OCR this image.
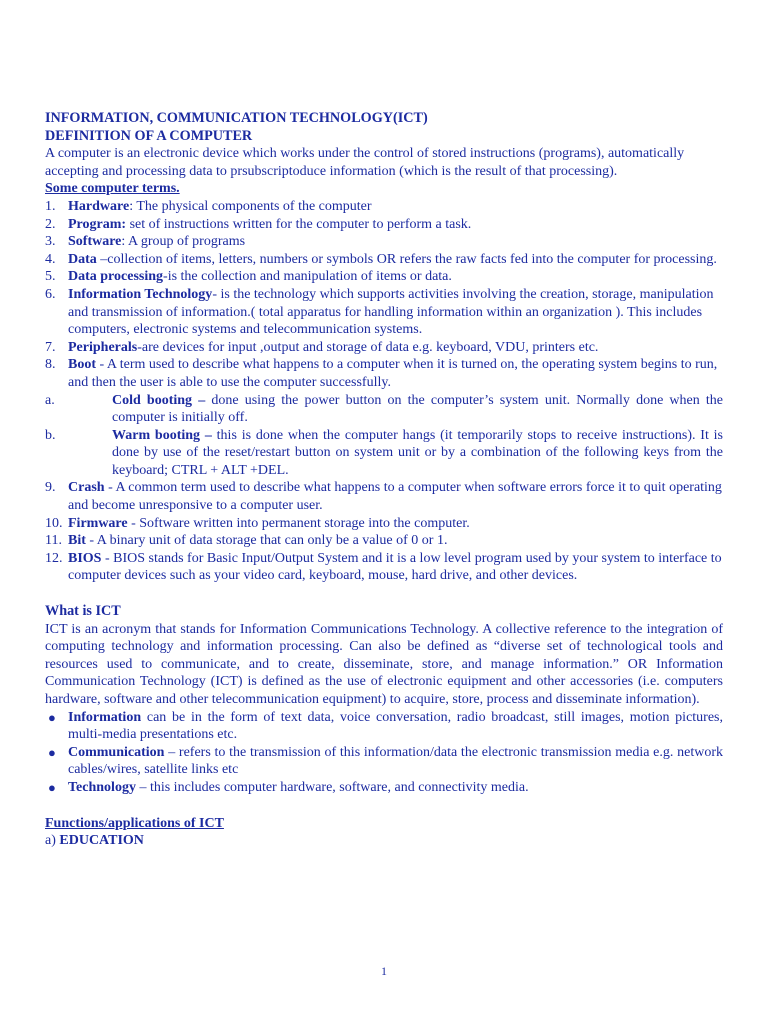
INFORMATION, COMMUNICATION TECHNOLOGY(ICT)
DEFINITION OF A COMPUTER
A computer is an electronic device which works under the control of stored instructions (programs), automatically accepting and processing data to prsubscriptoduce information (which is the result of that processing).
Some computer terms.
1. Hardware: The physical components of the computer
2. Program: set of instructions written for the computer to perform a task.
3. Software: A group of programs
4. Data –collection of items, letters, numbers or symbols OR refers the raw facts fed into the computer for processing.
5. Data processing-is the collection and manipulation of items or data.
6. Information Technology- is the technology which supports activities involving the creation, storage, manipulation and transmission of information.( total apparatus for handling information within an organization ). This includes computers, electronic systems and telecommunication systems.
7. Peripherals-are devices for input ,output and storage of data e.g. keyboard, VDU, printers etc.
8. Boot - A term used to describe what happens to a computer when it is turned on, the operating system begins to run, and then the user is able to use the computer successfully.
a.	Cold booting – done using the power button on the computer’s system unit. Normally done when the computer is initially off.
b.	Warm booting – this is done when the computer hangs (it temporarily stops to receive instructions). It is done by use of the reset/restart button on system unit or by a combination of the following keys from the keyboard; CTRL + ALT +DEL.
9. Crash - A common term used to describe what happens to a computer when software errors force it to quit operating and become unresponsive to a computer user.
10. Firmware - Software written into permanent storage into the computer.
11. Bit - A binary unit of data storage that can only be a value of 0 or 1.
12. BIOS - BIOS stands for Basic Input/Output System and it is a low level program used by your system to interface to computer devices such as your video card, keyboard, mouse, hard drive, and other devices.
What is ICT
ICT is an acronym that stands for Information Communications Technology. A collective reference to the integration of computing technology and information processing. Can also be defined as “diverse set of technological tools and resources used to communicate, and to create, disseminate, store, and manage information.” OR Information Communication Technology (ICT) is defined as the use of electronic equipment and other accessories (i.e. computers hardware, software and other telecommunication equipment) to acquire, store, process and disseminate information).
● Information can be in the form of text data, voice conversation, radio broadcast, still images, motion pictures, multi-media presentations etc.
● Communication – refers to the transmission of this information/data the electronic transmission media e.g. network cables/wires, satellite links etc
● Technology – this includes computer hardware, software, and connectivity media.
Functions/applications of ICT
a) EDUCATION
1
